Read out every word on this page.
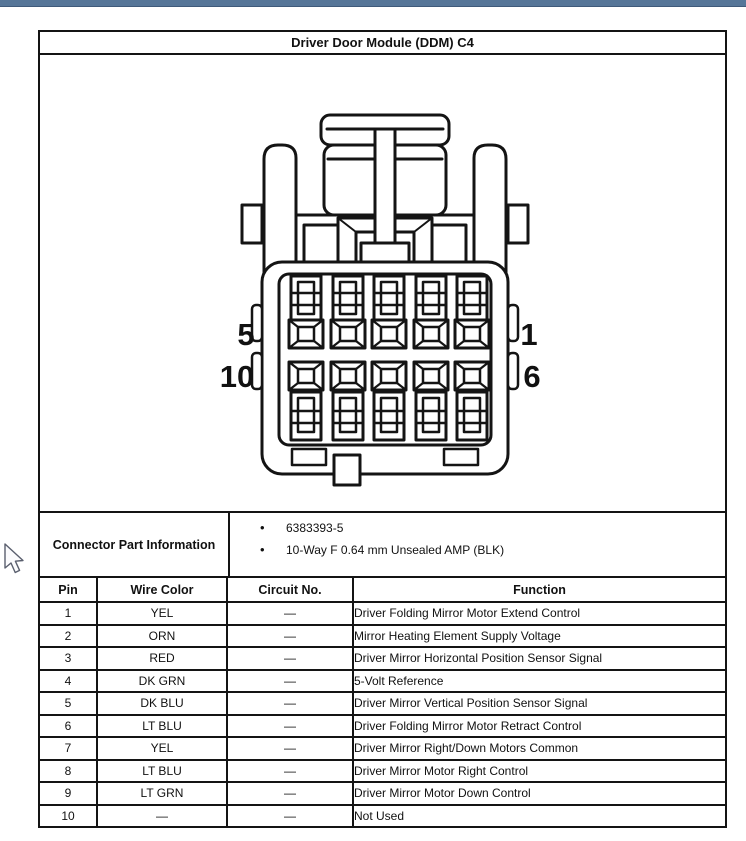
Driver Door Module (DDM) C4
5
10
1
6
Connector Part Information
•	6383393-5
•	10-Way F 0.64 mm Unsealed AMP (BLK)
Pin	Wire Color	Circuit No.	Function
1	YEL	—	Driver Folding Mirror Motor Extend Control
2	ORN	—	Mirror Heating Element Supply Voltage
3	RED	—	Driver Mirror Horizontal Position Sensor Signal
4	DK GRN	—	5-Volt Reference
5	DK BLU	—	Driver Mirror Vertical Position Sensor Signal
6	LT BLU	—	Driver Folding Mirror Motor Retract Control
7	YEL	—	Driver Mirror Right/Down Motors Common
8	LT BLU	—	Driver Mirror Motor Right Control
9	LT GRN	—	Driver Mirror Motor Down Control
10	—	—	Not Used
